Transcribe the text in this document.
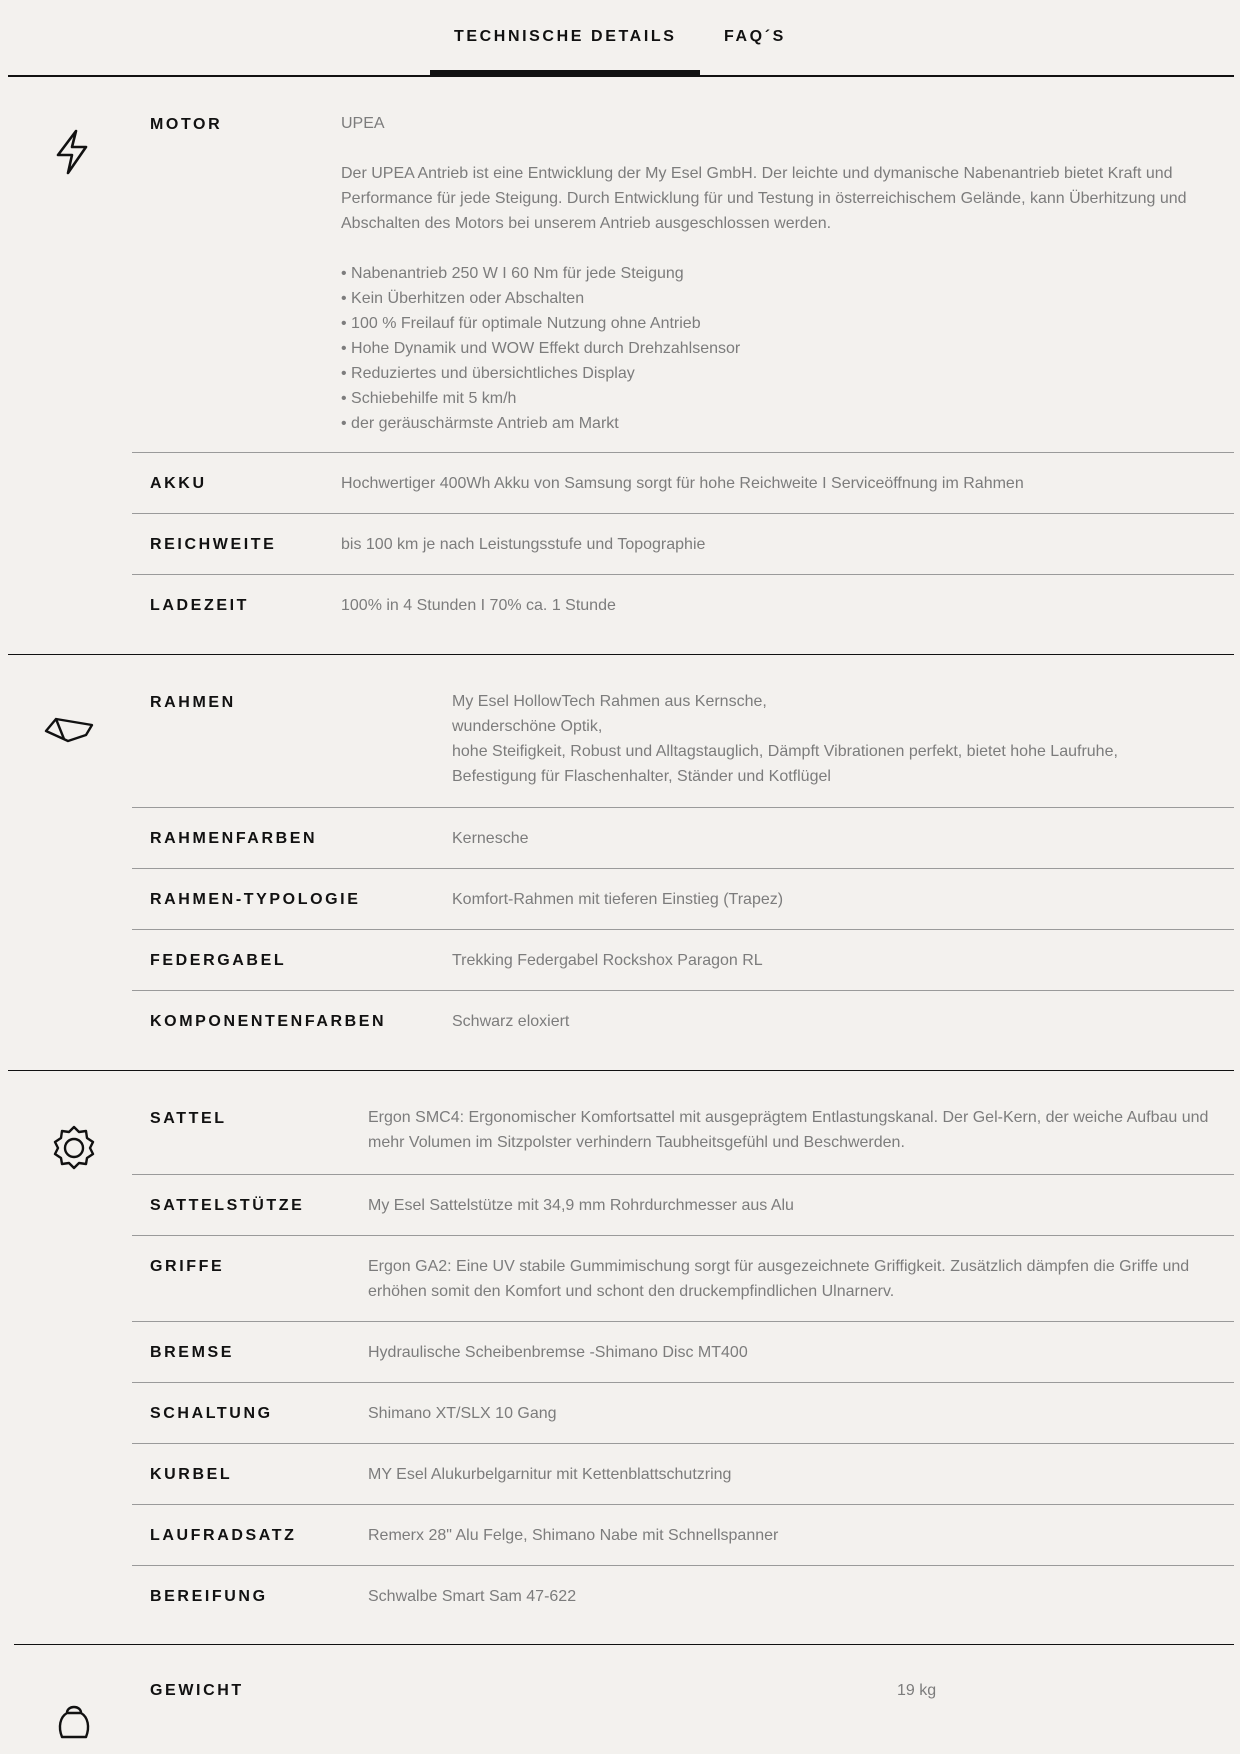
TECHNISCHE DETAILS	FAQ´S
MOTOR	UPEA

Der UPEA Antrieb ist eine Entwicklung der My Esel GmbH. Der leichte und dymanische Nabenantrieb bietet Kraft und Performance für jede Steigung. Durch Entwicklung für und Testung in österreichischem Gelände, kann Überhitzung und Abschalten des Motors bei unserem Antrieb ausgeschlossen werden.

• Nabenantrieb 250 W I 60 Nm für jede Steigung

• Kein Überhitzen oder Abschalten

• 100 % Freilauf für optimale Nutzung ohne Antrieb

• Hohe Dynamik und WOW Effekt durch Drehzahlsensor

• Reduziertes und übersichtliches Display

• Schiebehilfe mit 5 km/h

• der geräuschärmste Antrieb am Markt

AKKU	Hochwertiger 400Wh Akku von Samsung sorgt für hohe Reichweite I Serviceöffnung im Rahmen
REICHWEITE	bis 100 km je nach Leistungsstufe und Topographie
LADEZEIT	100% in 4 Stunden I 70% ca. 1 Stunde
RAHMEN	My Esel HollowTech Rahmen aus Kernsche,

wunderschöne Optik,

hohe Steifigkeit, Robust und Alltagstauglich, Dämpft Vibrationen perfekt, bietet hohe Laufruhe,

Befestigung für Flaschenhalter, Ständer und Kotflügel

RAHMENFARBEN	Kernesche
RAHMEN-TYPOLOGIE	Komfort-Rahmen mit tieferen Einstieg (Trapez)
FEDERGABEL	Trekking Federgabel Rockshox Paragon RL
KOMPONENTENFARBEN	Schwarz eloxiert
SATTEL	Ergon SMC4: Ergonomischer Komfortsattel mit ausgeprägtem Entlastungskanal. Der Gel-Kern, der weiche Aufbau und mehr Volumen im Sitzpolster verhindern Taubheitsgefühl und Beschwerden.
SATTELSTÜTZE	My Esel Sattelstütze mit 34,9 mm Rohrdurchmesser aus Alu
GRIFFE	Ergon GA2: Eine UV stabile Gummimischung sorgt für ausgezeichnete Griffigkeit. Zusätzlich dämpfen die Griffe und erhöhen somit den Komfort und schont den druckempfindlichen Ulnarnerv.
BREMSE	Hydraulische Scheibenbremse -Shimano Disc MT400
SCHALTUNG	Shimano XT/SLX 10 Gang
KURBEL	MY Esel Alukurbelgarnitur mit Kettenblattschutzring
LAUFRADSATZ	Remerx 28" Alu Felge, Shimano Nabe mit Schnellspanner
BEREIFUNG	Schwalbe Smart Sam 47-622
GEWICHT	19 kg
